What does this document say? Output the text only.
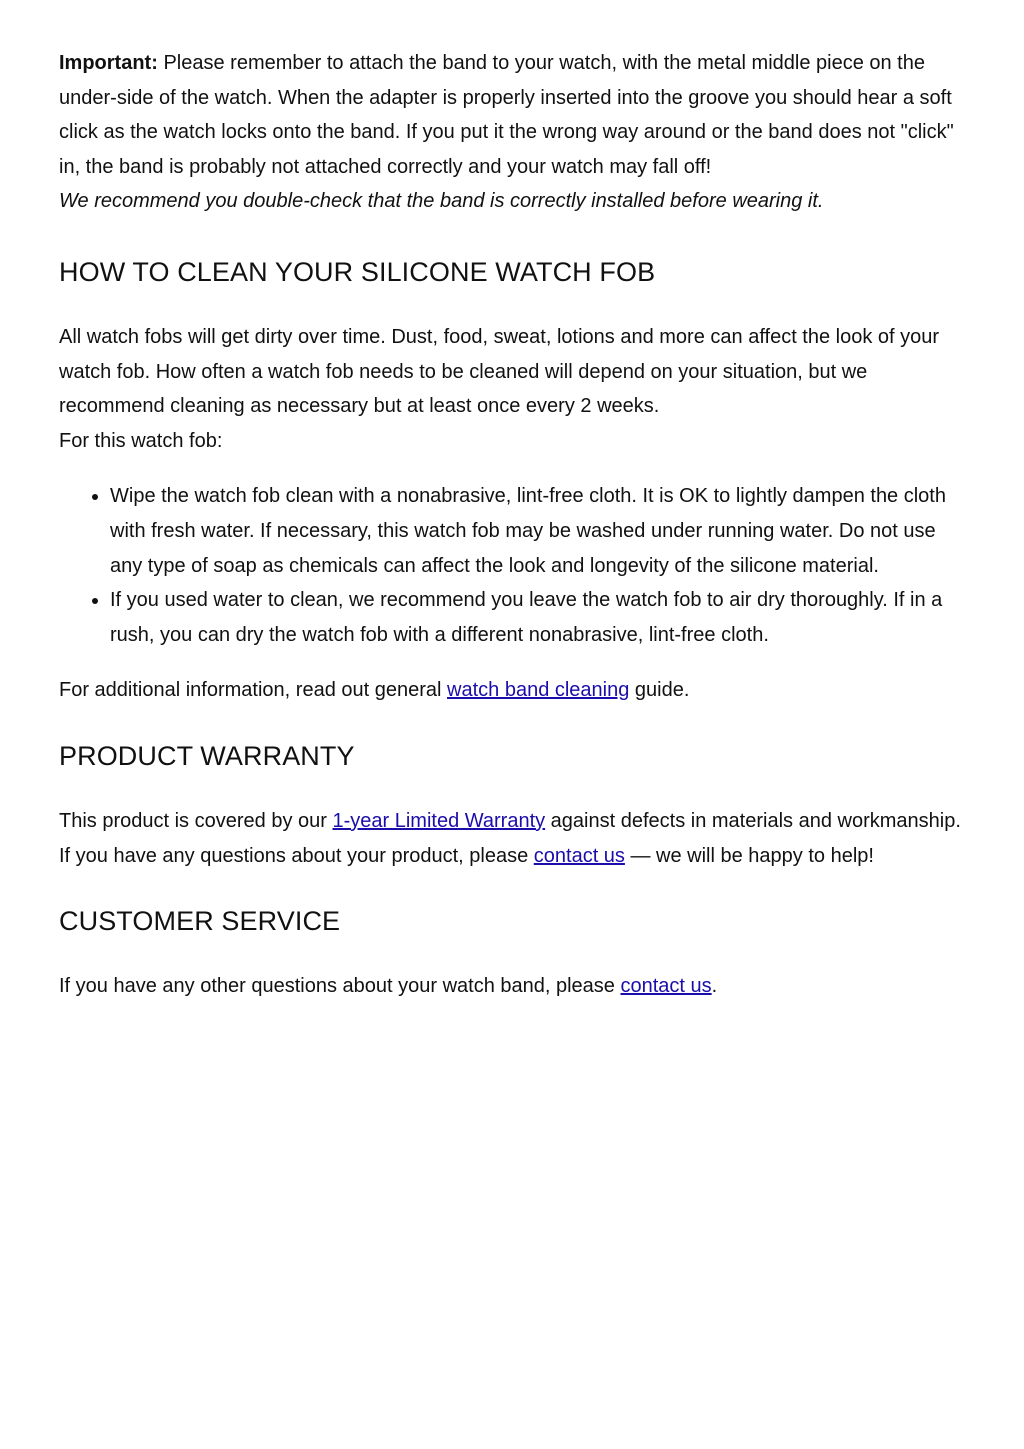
Important: Please remember to attach the band to your watch, with the metal middle piece on the under-side of the watch. When the adapter is properly inserted into the groove you should hear a soft click as the watch locks onto the band. If you put it the wrong way around or the band does not "click" in, the band is probably not attached correctly and your watch may fall off!

We recommend you double-check that the band is correctly installed before wearing it.

HOW TO CLEAN YOUR SILICONE WATCH FOB

All watch fobs will get dirty over time. Dust, food, sweat, lotions and more can affect the look of your watch fob. How often a watch fob needs to be cleaned will depend on your situation, but we recommend cleaning as necessary but at least once every 2 weeks.

For this watch fob:

• Wipe the watch fob clean with a nonabrasive, lint-free cloth. It is OK to lightly dampen the cloth with fresh water. If necessary, this watch fob may be washed under running water. Do not use any type of soap as chemicals can affect the look and longevity of the silicone material.
• If you used water to clean, we recommend you leave the watch fob to air dry thoroughly. If in a rush, you can dry the watch fob with a different nonabrasive, lint-free cloth.

For additional information, read out general watch band cleaning guide.

PRODUCT WARRANTY

This product is covered by our 1-year Limited Warranty against defects in materials and workmanship. If you have any questions about your product, please contact us — we will be happy to help!

CUSTOMER SERVICE

If you have any other questions about your watch band, please contact us.
